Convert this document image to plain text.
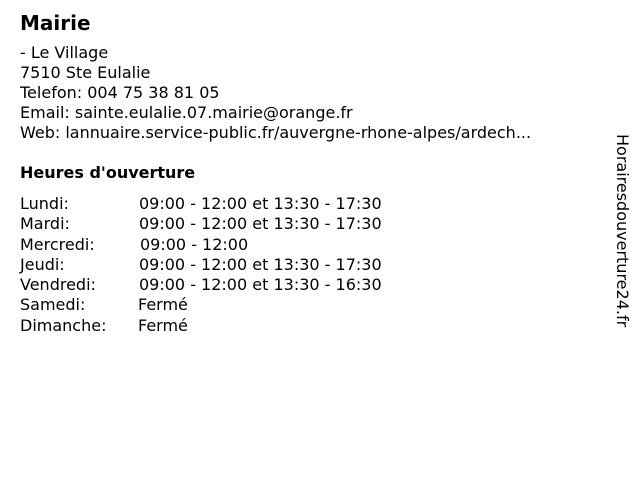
Mairie
- Le Village
7510 Ste Eulalie
Telefon: 004 75 38 81 05
Email: sainte.eulalie.07.mairie@orange.fr
Web: lannuaire.service-public.fr/auvergne-rhone-alpes/ardech...
Heures d'ouverture
Lundi:	09:00 - 12:00 et 13:30 - 17:30
Mardi:	09:00 - 12:00 et 13:30 - 17:30
Mercredi:	09:00 - 12:00
Jeudi:	09:00 - 12:00 et 13:30 - 17:30
Vendredi:	09:00 - 12:00 et 13:30 - 16:30
Samedi:	Fermé
Dimanche: Fermé	Horairesdouverture24.fr
